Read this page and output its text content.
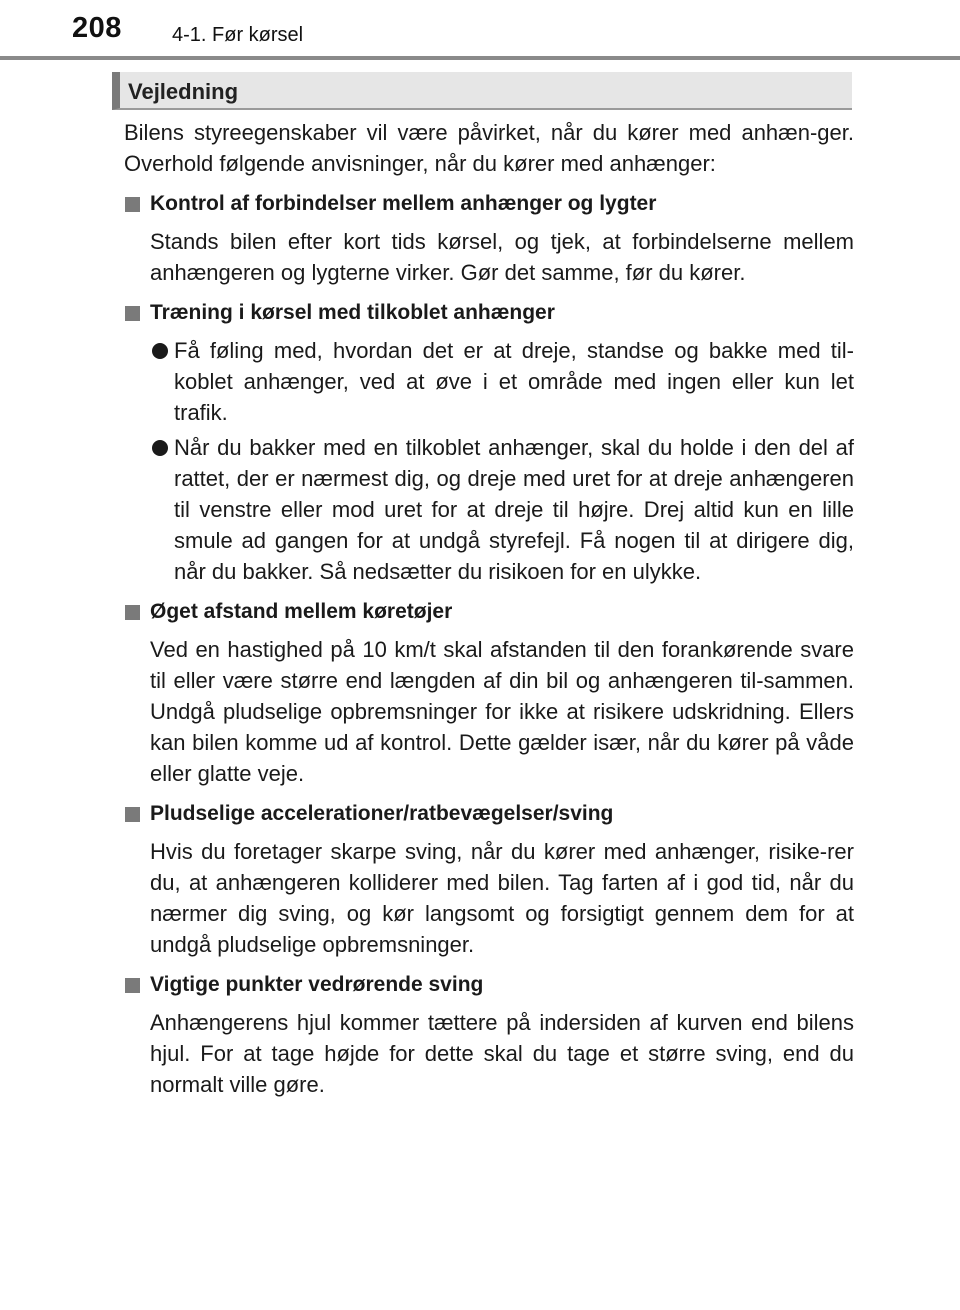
208	4-1. Før kørsel
Vejledning

Bilens styreegenskaber vil være påvirket, når du kører med anhæn-ger. Overhold følgende anvisninger, når du kører med anhænger:

Kontrol af forbindelser mellem anhænger og lygter

Stands bilen efter kort tids kørsel, og tjek, at forbindelserne mellem anhængeren og lygterne virker. Gør det samme, før du kører.

Træning i kørsel med tilkoblet anhænger

Få føling med, hvordan det er at dreje, standse og bakke med til-koblet anhænger, ved at øve i et område med ingen eller kun let trafik.

Når du bakker med en tilkoblet anhænger, skal du holde i den del af rattet, der er nærmest dig, og dreje med uret for at dreje anhængeren til venstre eller mod uret for at dreje til højre. Drej altid kun en lille smule ad gangen for at undgå styrefejl. Få nogen til at dirigere dig, når du bakker. Så nedsætter du risikoen for en ulykke.

Øget afstand mellem køretøjer

Ved en hastighed på 10 km/t skal afstanden til den forankørende svare til eller være større end længden af din bil og anhængeren til-sammen. Undgå pludselige opbremsninger for ikke at risikere udskridning. Ellers kan bilen komme ud af kontrol. Dette gælder især, når du kører på våde eller glatte veje.

Pludselige accelerationer/ratbevægelser/sving

Hvis du foretager skarpe sving, når du kører med anhænger, risike-rer du, at anhængeren kolliderer med bilen. Tag farten af i god tid, når du nærmer dig sving, og kør langsomt og forsigtigt gennem dem for at undgå pludselige opbremsninger.

Vigtige punkter vedrørende sving

Anhængerens hjul kommer tættere på indersiden af kurven end bilens hjul. For at tage højde for dette skal du tage et større sving, end du normalt ville gøre.
